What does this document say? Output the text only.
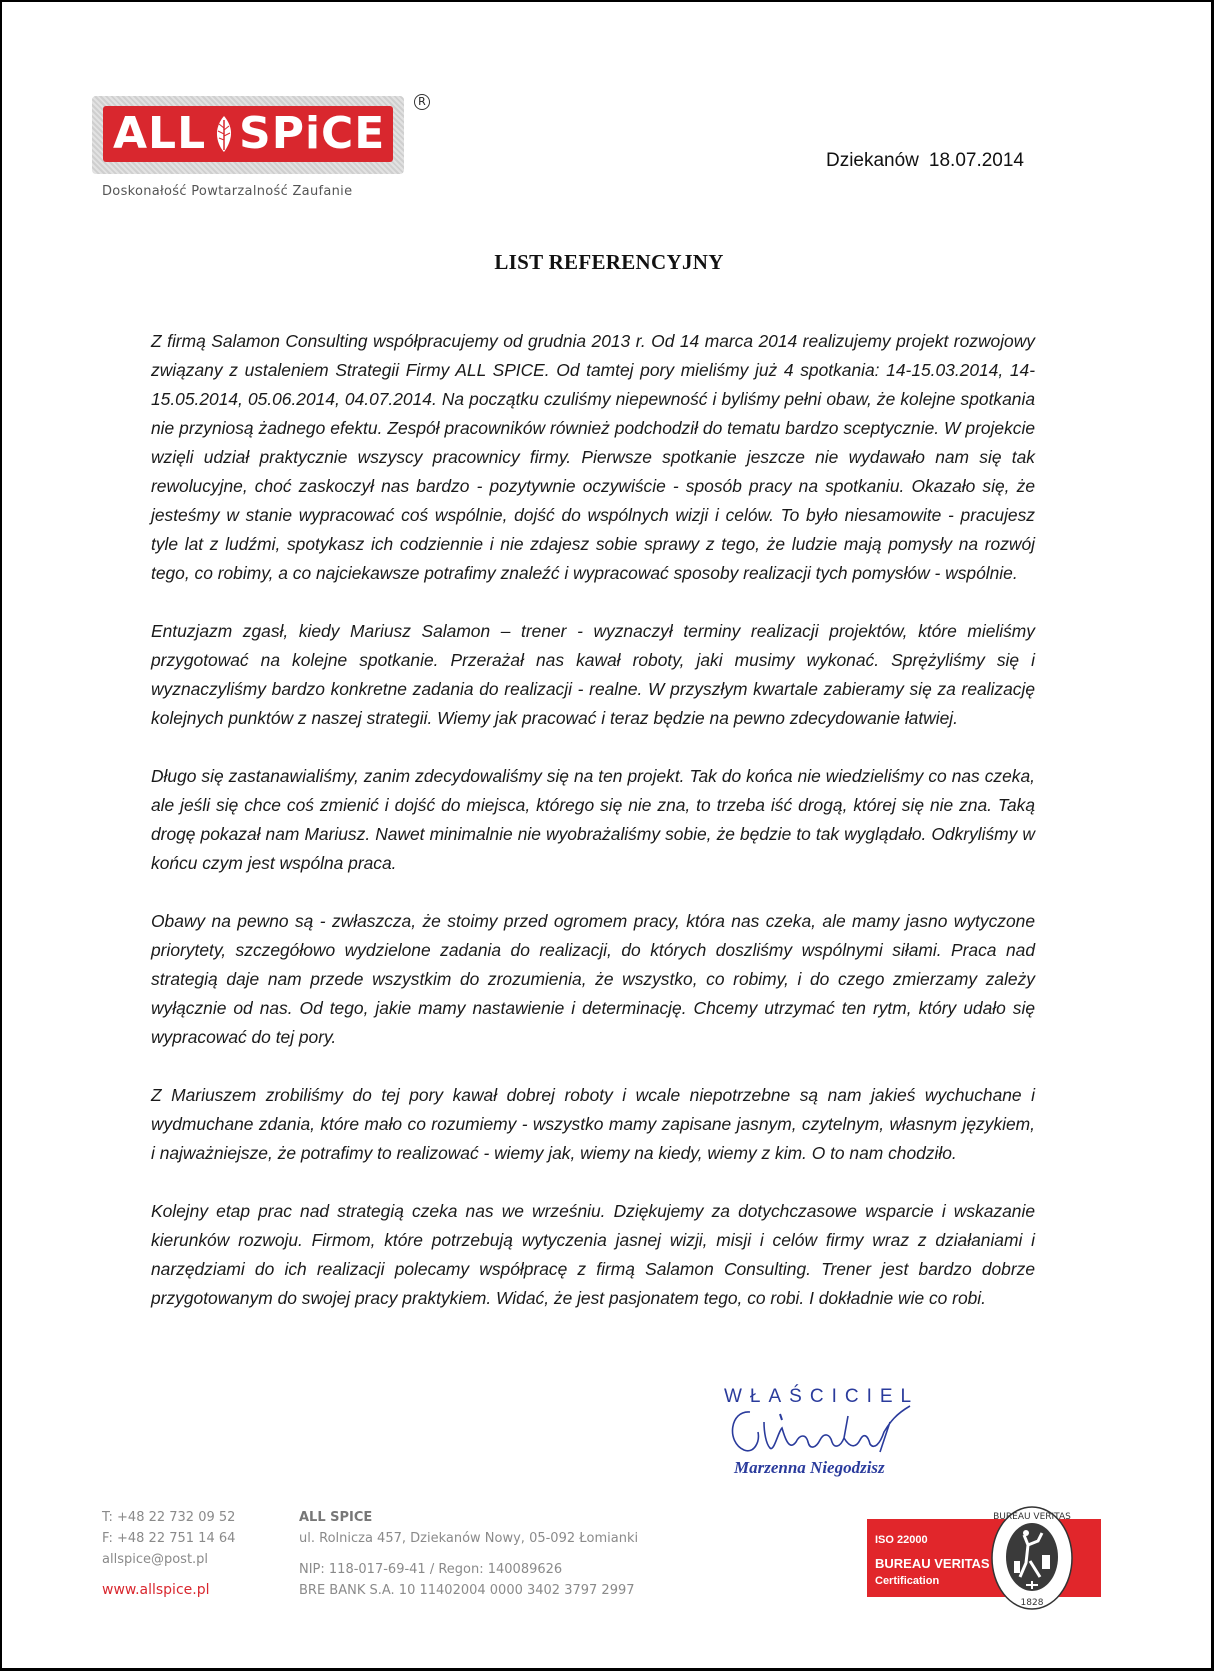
ALL SPiCE
R
Doskonałość Powtarzalność Zaufanie
Dziekanów 18.07.2014
LIST REFERENCYJNY

Z firmą Salamon Consulting współpracujemy od grudnia 2013 r. Od 14 marca 2014 realizujemy projekt rozwojowy związany z ustaleniem Strategii Firmy ALL SPICE. Od tamtej pory mieliśmy już 4 spotkania: 14-15.03.2014, 14-15.05.2014, 05.06.2014, 04.07.2014. Na początku czuliśmy niepewność i byliśmy pełni obaw, że kolejne spotkania nie przyniosą żadnego efektu. Zespół pracowników również podchodził do tematu bardzo sceptycznie. W projekcie wzięli udział praktycznie wszyscy pracownicy firmy. Pierwsze spotkanie jeszcze nie wydawało nam się tak rewolucyjne, choć zaskoczył nas bardzo - pozytywnie oczywiście - sposób pracy na spotkaniu. Okazało się, że jesteśmy w stanie wypracować coś wspólnie, dojść do wspólnych wizji i celów. To było niesamowite - pracujesz tyle lat z ludźmi, spotykasz ich codziennie i nie zdajesz sobie sprawy z tego, że ludzie mają pomysły na rozwój tego, co robimy, a co najciekawsze potrafimy znaleźć i wypracować sposoby realizacji tych pomysłów - wspólnie.

Entuzjazm zgasł, kiedy Mariusz Salamon – trener - wyznaczył terminy realizacji projektów, które mieliśmy przygotować na kolejne spotkanie. Przerażał nas kawał roboty, jaki musimy wykonać. Sprężyliśmy się i wyznaczyliśmy bardzo konkretne zadania do realizacji - realne. W przyszłym kwartale zabieramy się za realizację kolejnych punktów z naszej strategii. Wiemy jak pracować i teraz będzie na pewno zdecydowanie łatwiej.

Długo się zastanawialiśmy, zanim zdecydowaliśmy się na ten projekt. Tak do końca nie wiedzieliśmy co nas czeka, ale jeśli się chce coś zmienić i dojść do miejsca, którego się nie zna, to trzeba iść drogą, której się nie zna. Taką drogę pokazał nam Mariusz. Nawet minimalnie nie wyobrażaliśmy sobie, że będzie to tak wyglądało. Odkryliśmy w końcu czym jest wspólna praca.

Obawy na pewno są - zwłaszcza, że stoimy przed ogromem pracy, która nas czeka, ale mamy jasno wytyczone priorytety, szczegółowo wydzielone zadania do realizacji, do których doszliśmy wspólnymi siłami. Praca nad strategią daje nam przede wszystkim do zrozumienia, że wszystko, co robimy, i do czego zmierzamy zależy wyłącznie od nas. Od tego, jakie mamy nastawienie i determinację. Chcemy utrzymać ten rytm, który udało się wypracować do tej pory.

Z Mariuszem zrobiliśmy do tej pory kawał dobrej roboty i wcale niepotrzebne są nam jakieś wychuchane i wydmuchane zdania, które mało co rozumiemy - wszystko mamy zapisane jasnym, czytelnym, własnym językiem, i najważniejsze, że potrafimy to realizować - wiemy jak, wiemy na kiedy, wiemy z kim. O to nam chodziło.

Kolejny etap prac nad strategią czeka nas we wrześniu. Dziękujemy za dotychczasowe wsparcie i wskazanie kierunków rozwoju. Firmom, które potrzebują wytyczenia jasnej wizji, misji i celów firmy wraz z działaniami i narzędziami do ich realizacji polecamy współpracę z firmą Salamon Consulting. Trener jest bardzo dobrze przygotowanym do swojej pracy praktykiem. Widać, że jest pasjonatem tego, co robi. I dokładnie wie co robi.

WŁAŚCICIEL
Marzenna Niegodzisz
T: +48 22 732 09 52
F: +48 22 751 14 64
allspice@post.pl
www.allspice.pl
ALL SPICE
ul. Rolnicza 457, Dziekanów Nowy, 05-092 Łomianki
NIP: 118-017-69-41 / Regon: 140089626
BRE BANK S.A. 10 11402004 0000 3402 3797 2997
ISO 22000
BUREAU VERITAS
Certification
BUREAU VERITAS
1828
